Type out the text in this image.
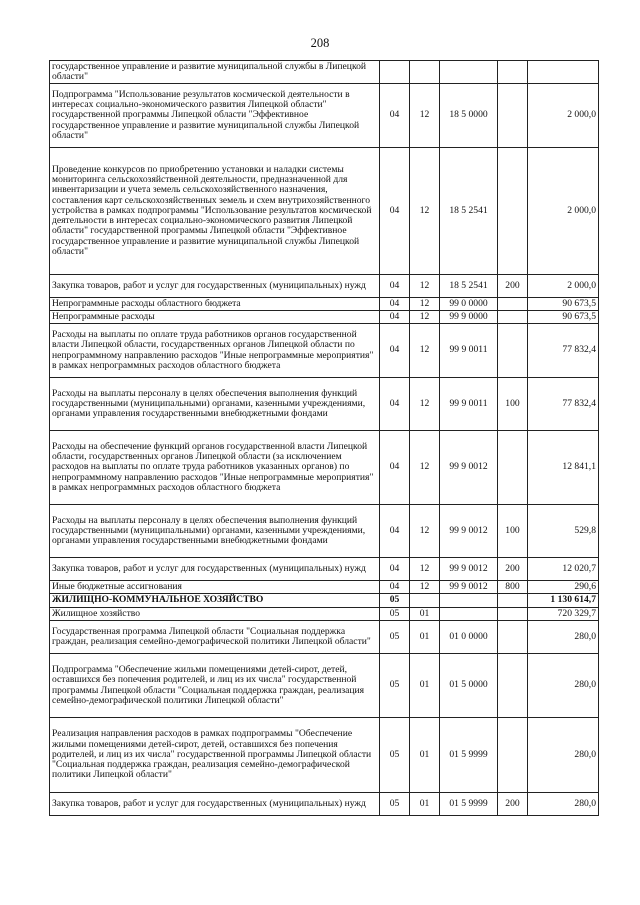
208
государственное управление и развитие муниципальной службы в Липецкой области"					
Подпрограмма "Использование результатов космической деятельности в интересах социально-экономического развития Липецкой области" государственной программы Липецкой области "Эффективное государственное управление и развитие муниципальной службы Липецкой области"	04	12	18 5 0000		2 000,0
Проведение конкурсов по приобретению установки и наладки системы мониторинга сельскохозяйственной деятельности, предназначенной для инвентаризации и учета земель сельскохозяйственного назначения, составления карт сельскохозяйственных земель и схем внутрихозяйственного устройства в рамках подпрограммы "Использование результатов космической деятельности в интересах социально-экономического развития Липецкой области" государственной программы Липецкой области "Эффективное государственное управление и развитие муниципальной службы Липецкой области"	04	12	18 5 2541		2 000,0
Закупка товаров, работ и услуг для государственных (муниципальных) нужд	04	12	18 5 2541	200	2 000,0
Непрограммные расходы областного бюджета	04	12	99 0 0000		90 673,5
Непрограммные расходы	04	12	99 9 0000		90 673,5
Расходы на выплаты по оплате труда работников органов государственной власти Липецкой области, государственных органов Липецкой области по непрограммному направлению расходов "Иные непрограммные мероприятия" в рамках непрограммных расходов областного бюджета	04	12	99 9 0011		77 832,4
Расходы на выплаты персоналу в целях обеспечения выполнения функций государственными (муниципальными) органами, казенными учреждениями, органами управления государственными внебюджетными фондами	04	12	99 9 0011	100	77 832,4
Расходы на обеспечение функций органов государственной власти Липецкой области, государственных органов Липецкой области (за исключением расходов на выплаты по оплате труда работников указанных органов) по непрограммному направлению расходов "Иные непрограммные мероприятия" в рамках непрограммных расходов областного бюджета	04	12	99 9 0012		12 841,1
Расходы на выплаты персоналу в целях обеспечения выполнения функций государственными (муниципальными) органами, казенными учреждениями, органами управления государственными внебюджетными фондами	04	12	99 9 0012	100	529,8
Закупка товаров, работ и услуг для государственных (муниципальных) нужд	04	12	99 9 0012	200	12 020,7
Иные бюджетные ассигнования	04	12	99 9 0012	800	290,6
ЖИЛИЩНО-КОММУНАЛЬНОЕ ХОЗЯЙСТВО	05				1 130 614,7
Жилищное хозяйство	05	01			720 329,7
Государственная программа Липецкой области "Социальная поддержка граждан, реализация семейно-демографической политики Липецкой области"	05	01	01 0 0000		280,0
Подпрограмма "Обеспечение жильми помещениями детей-сирот, детей, оставшихся без попечения родителей, и лиц из их числа" государственной программы Липецкой области "Социальная поддержка граждан, реализация семейно-демографической политики Липецкой области"	05	01	01 5 0000		280,0
Реализация направления расходов в рамках подпрограммы "Обеспечение жилыми помещениями детей-сирот, детей, оставшихся без попечения родителей, и лиц из их числа" государственной программы Липецкой области "Социальная поддержка граждан, реализация семейно-демографической политики Липецкой области"	05	01	01 5 9999		280,0
Закупка товаров, работ и услуг для государственных (муниципальных) нужд	05	01	01 5 9999	200	280,0
